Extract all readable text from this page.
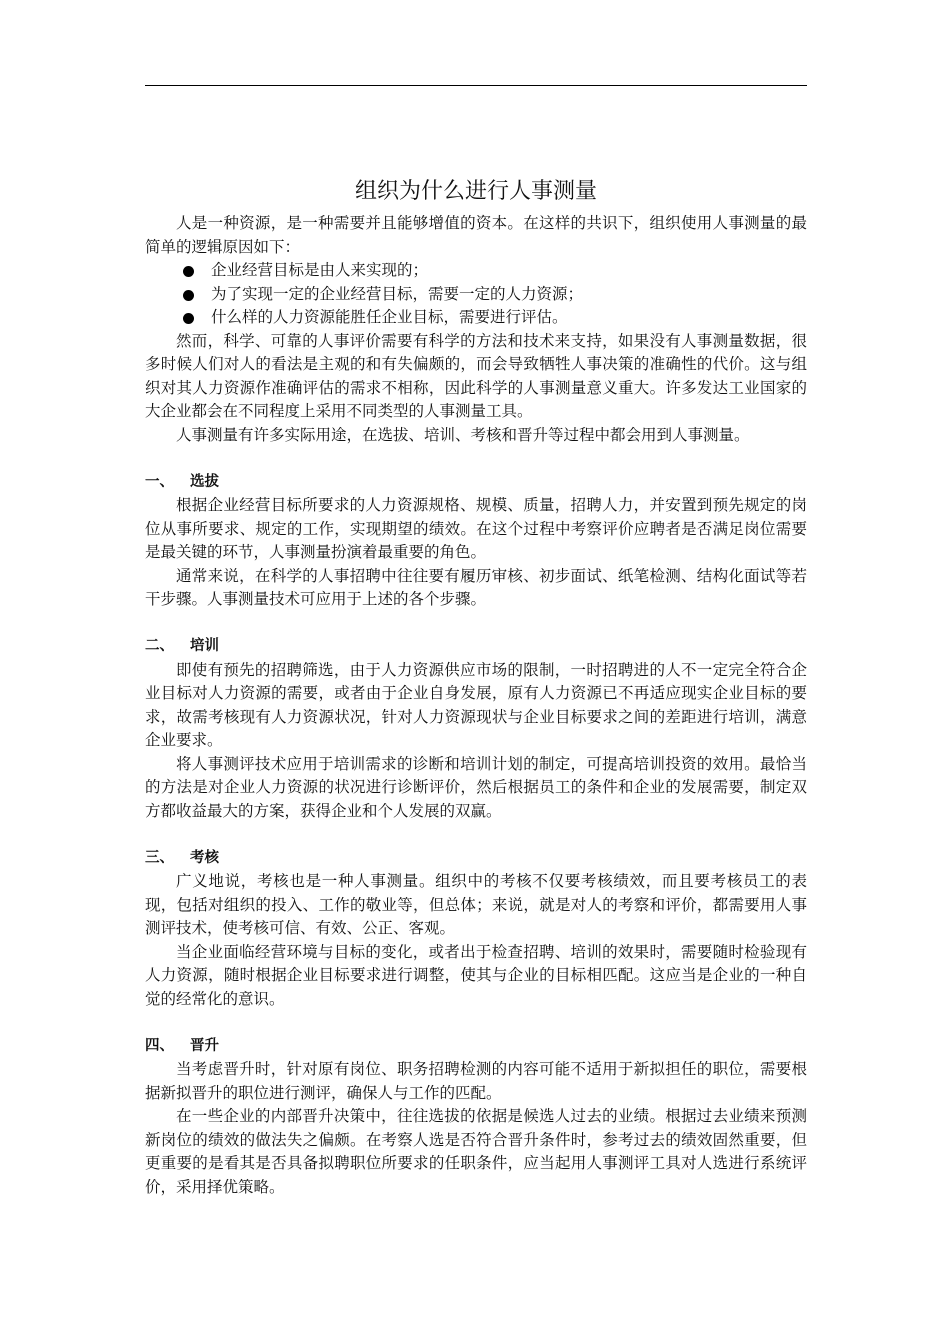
组织为什么进行人事测量

人是一种资源，是一种需要并且能够增值的资本。在这样的共识下，组织使用人事测量的最简单的逻辑原因如下：

企业经营目标是由人来实现的；
为了实现一定的企业经营目标，需要一定的人力资源；
什么样的人力资源能胜任企业目标，需要进行评估。

然而，科学、可靠的人事评价需要有科学的方法和技术来支持，如果没有人事测量数据，很多时候人们对人的看法是主观的和有失偏颇的，而会导致牺牲人事决策的准确性的代价。这与组织对其人力资源作准确评估的需求不相称，因此科学的人事测量意义重大。许多发达工业国家的大企业都会在不同程度上采用不同类型的人事测量工具。

人事测量有许多实际用途，在选拔、培训、考核和晋升等过程中都会用到人事测量。

一、 选拔

根据企业经营目标所要求的人力资源规格、规模、质量，招聘人力，并安置到预先规定的岗位从事所要求、规定的工作，实现期望的绩效。在这个过程中考察评价应聘者是否满足岗位需要是最关键的环节，人事测量扮演着最重要的角色。

通常来说，在科学的人事招聘中往往要有履历审核、初步面试、纸笔检测、结构化面试等若干步骤。人事测量技术可应用于上述的各个步骤。

二、 培训

即使有预先的招聘筛选，由于人力资源供应市场的限制，一时招聘进的人不一定完全符合企业目标对人力资源的需要，或者由于企业自身发展，原有人力资源已不再适应现实企业目标的要求，故需考核现有人力资源状况，针对人力资源现状与企业目标要求之间的差距进行培训，满意企业要求。

将人事测评技术应用于培训需求的诊断和培训计划的制定，可提高培训投资的效用。最恰当的方法是对企业人力资源的状况进行诊断评价，然后根据员工的条件和企业的发展需要，制定双方都收益最大的方案，获得企业和个人发展的双赢。

三、 考核

广义地说，考核也是一种人事测量。组织中的考核不仅要考核绩效，而且要考核员工的表现，包括对组织的投入、工作的敬业等，但总体；来说，就是对人的考察和评价，都需要用人事测评技术，使考核可信、有效、公正、客观。

当企业面临经营环境与目标的变化，或者出于检查招聘、培训的效果时，需要随时检验现有人力资源，随时根据企业目标要求进行调整，使其与企业的目标相匹配。这应当是企业的一种自觉的经常化的意识。

四、 晋升

当考虑晋升时，针对原有岗位、职务招聘检测的内容可能不适用于新拟担任的职位，需要根据新拟晋升的职位进行测评，确保人与工作的匹配。

在一些企业的内部晋升决策中，往往选拔的依据是候选人过去的业绩。根据过去业绩来预测新岗位的绩效的做法失之偏颇。在考察人选是否符合晋升条件时，参考过去的绩效固然重要，但更重要的是看其是否具备拟聘职位所要求的任职条件，应当起用人事测评工具对人选进行系统评价，采用择优策略。
